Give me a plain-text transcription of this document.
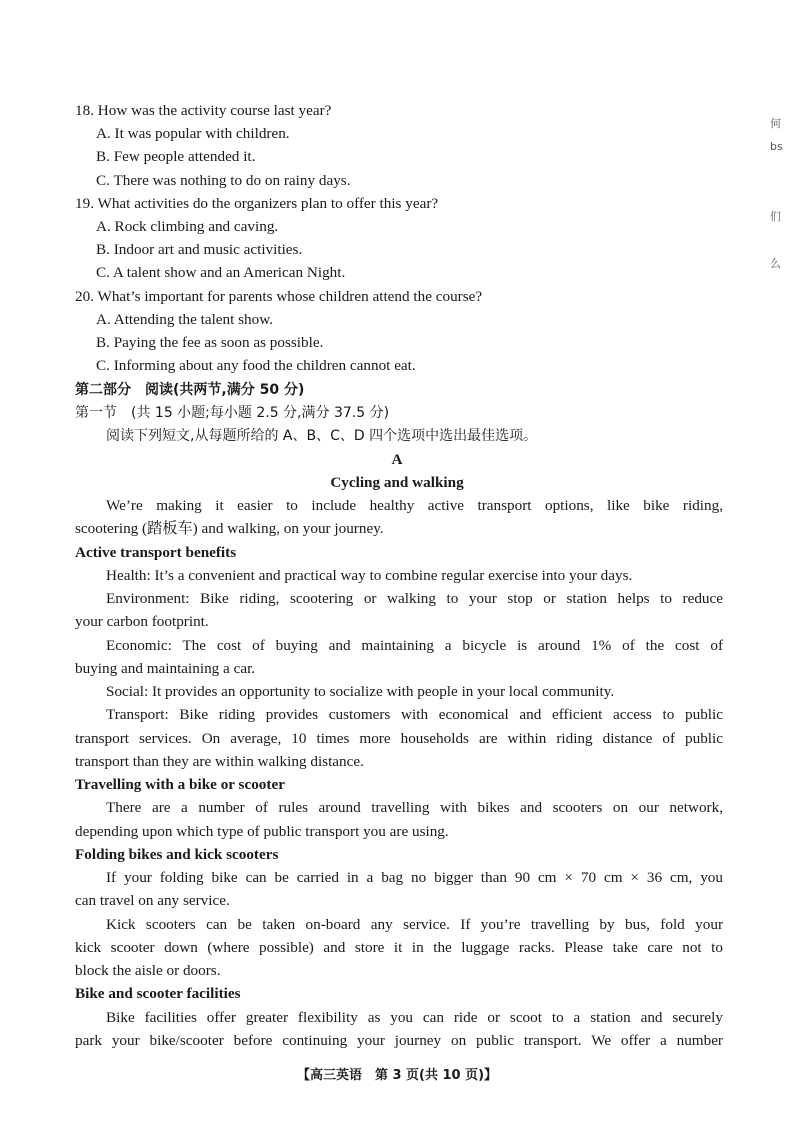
18. How was the activity course last year?
A. It was popular with children.
B. Few people attended it.
C. There was nothing to do on rainy days.
19. What activities do the organizers plan to offer this year?
A. Rock climbing and caving.
B. Indoor art and music activities.
C. A talent show and an American Night.
20. What’s important for parents whose children attend the course?
A. Attending the talent show.
B. Paying the fee as soon as possible.
C. Informing about any food the children cannot eat.
第二部分　阅读(共两节,满分 50 分)
第一节　(共 15 小题;每小题 2.5 分,满分 37.5 分)
阅读下列短文,从每题所给的 A、B、C、D 四个选项中选出最佳选项。
A
Cycling and walking
We’re making it easier to include healthy active transport options, like bike riding,
scootering (踏板车) and walking, on your journey.
Active transport benefits
Health: It’s a convenient and practical way to combine regular exercise into your days.
Environment: Bike riding, scootering or walking to your stop or station helps to reduce
your carbon footprint.
Economic: The cost of buying and maintaining a bicycle is around 1% of the cost of
buying and maintaining a car.
Social: It provides an opportunity to socialize with people in your local community.
Transport: Bike riding provides customers with economical and efficient access to public
transport services. On average, 10 times more households are within riding distance of public
transport than they are within walking distance.
Travelling with a bike or scooter
There are a number of rules around travelling with bikes and scooters on our network,
depending upon which type of public transport you are using.
Folding bikes and kick scooters
If your folding bike can be carried in a bag no bigger than 90 cm × 70 cm × 36 cm, you
can travel on any service.
Kick scooters can be taken on-board any service. If you’re travelling by bus, fold your
kick scooter down (where possible) and store it in the luggage racks. Please take care not to
block the aisle or doors.
Bike and scooter facilities
Bike facilities offer greater flexibility as you can ride or scoot to a station and securely
park your bike/scooter before continuing your journey on public transport. We offer a number
何
bs
们
么
【高三英语　第 3 页(共 10 页)】
